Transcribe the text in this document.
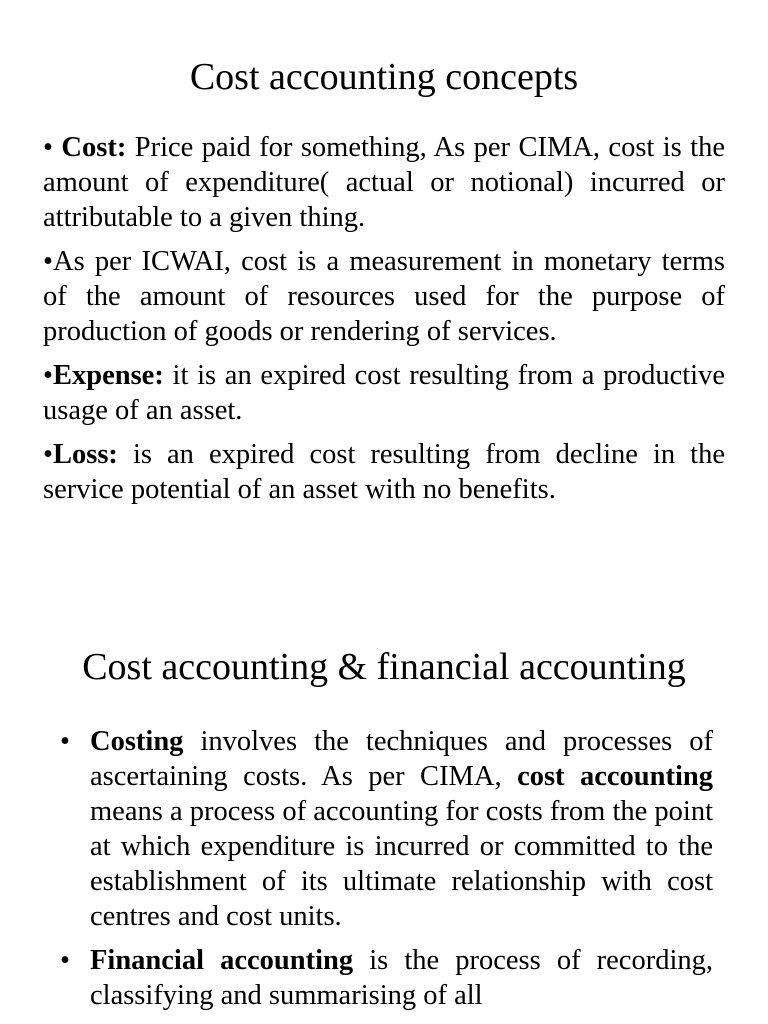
Cost accounting concepts

• Cost: Price paid for something, As per CIMA, cost is the amount of expenditure( actual or notional) incurred or attributable to a given thing.

•As per ICWAI, cost is a measurement in monetary terms of the amount of resources used for the purpose of production of goods or rendering of services.

•Expense: it is an expired cost resulting from a productive usage of an asset.

•Loss: is an expired cost resulting from decline in the service potential of an asset with no benefits.

Cost accounting & financial accounting
• Costing involves the techniques and processes of ascertaining costs. As per CIMA, cost accounting means a process of accounting for costs from the point at which expenditure is incurred or committed to the establishment of its ultimate relationship with cost centres and cost units.
• Financial accounting is the process of recording, classifying and summarising of all
